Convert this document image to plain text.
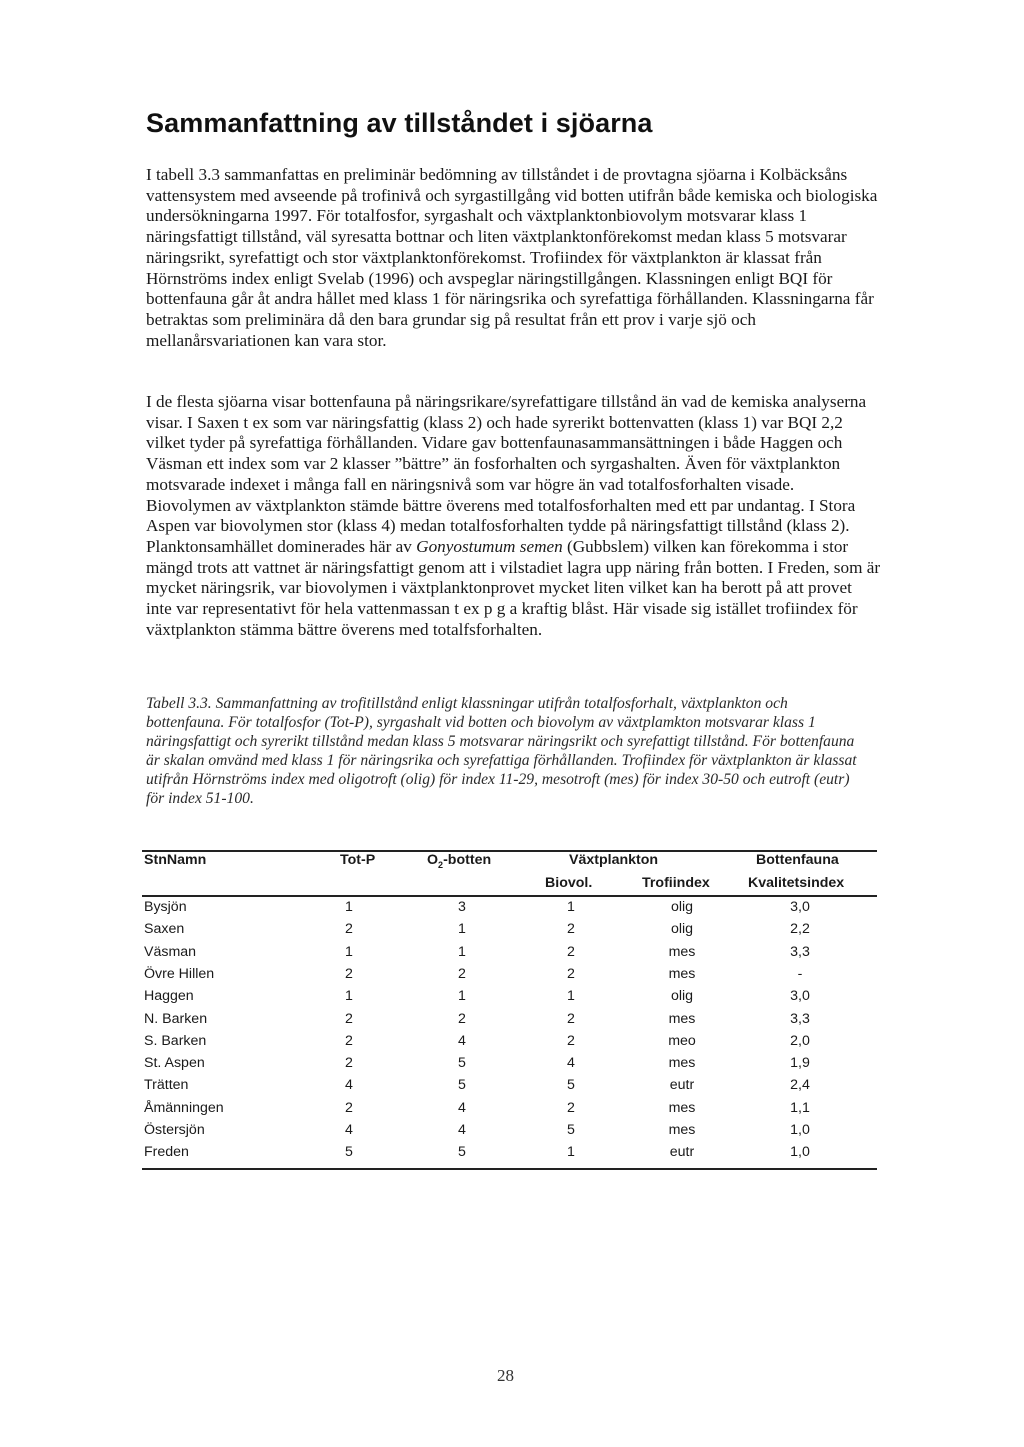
Sammanfattning av tillståndet i sjöarna

I tabell 3.3 sammanfattas en preliminär bedömning av tillståndet i de provtagna sjöarna i Kolbäcksåns vattensystem med avseende på trofinivå och syrgastillgång vid botten utifrån både kemiska och biologiska undersökningarna 1997. För totalfosfor, syrgashalt och växtplanktonbiovolym motsvarar klass 1 näringsfattigt tillstånd, väl syresatta bottnar och liten växtplanktonförekomst medan klass 5 motsvarar näringsrikt, syrefattigt och stor växtplanktonförekomst. Trofiindex för växtplankton är klassat från Hörnströms index enligt Svelab (1996) och avspeglar näringstillgången. Klassningen enligt BQI för bottenfauna går åt andra hållet med klass 1 för näringsrika och syrefattiga förhållanden. Klassningarna får betraktas som preliminära då den bara grundar sig på resultat från ett prov i varje sjö och mellanårsvariationen kan vara stor.

I de flesta sjöarna visar bottenfauna på näringsrikare/syrefattigare tillstånd än vad de kemiska analyserna visar. I Saxen t ex som var näringsfattig (klass 2) och hade syrerikt bottenvatten (klass 1) var BQI 2,2 vilket tyder på syrefattiga förhållanden. Vidare gav bottenfaunasammansättningen i både Haggen och Väsman ett index som var 2 klasser ”bättre” än fosforhalten och syrgashalten. Även för växtplankton motsvarade indexet i många fall en näringsnivå som var högre än vad totalfosforhalten visade. Biovolymen av växtplankton stämde bättre överens med totalfosforhalten med ett par undantag. I Stora Aspen var biovolymen stor (klass 4) medan totalfosforhalten tydde på näringsfattigt tillstånd (klass 2). Planktonsamhället dominerades här av Gonyostumum semen (Gubbslem) vilken kan förekomma i stor mängd trots att vattnet är näringsfattigt genom att i vilstadiet lagra upp näring från botten. I Freden, som är mycket näringsrik, var biovolymen i växtplanktonprovet mycket liten vilket kan ha berott på att provet inte var representativt för hela vattenmassan t ex p g a kraftig blåst. Här visade sig istället trofiindex för växtplankton stämma bättre överens med totalfsforhalten.

Tabell 3.3. Sammanfattning av trofitillstånd enligt klassningar utifrån totalfosforhalt, växtplankton och bottenfauna. För totalfosfor (Tot-P), syrgashalt vid botten och biovolym av växtplamkton motsvarar klass 1 näringsfattigt och syrerikt tillstånd medan klass 5 motsvarar näringsrikt och syrefattigt tillstånd. För bottenfauna är skalan omvänd med klass 1 för näringsrika och syrefattiga förhållanden. Trofiindex för växtplankton är klassat utifrån Hörnströms index med oligotroft (olig) för index 11-29, mesotroft (mes) för index 30-50 och eutroft (eutr) för index 51-100.

StnNamn	Tot-P	$O_2$-botten	Växtplankton	Bottenfauna
Biovol.	Trofiindex	Kvalitetsindex
Bysjön	1	3	1	olig	3,0
Saxen	2	1	2	olig	2,2
Väsman	1	1	2	mes	3,3
Övre Hillen	2	2	2	mes	-
Haggen	1	1	1	olig	3,0
N. Barken	2	2	2	mes	3,3
S. Barken	2	4	2	meo	2,0
St. Aspen	2	5	4	mes	1,9
Trätten	4	5	5	eutr	2,4
Åmänningen	2	4	2	mes	1,1
Östersjön	4	4	5	mes	1,0
Freden	5	5	1	eutr	1,0
28
